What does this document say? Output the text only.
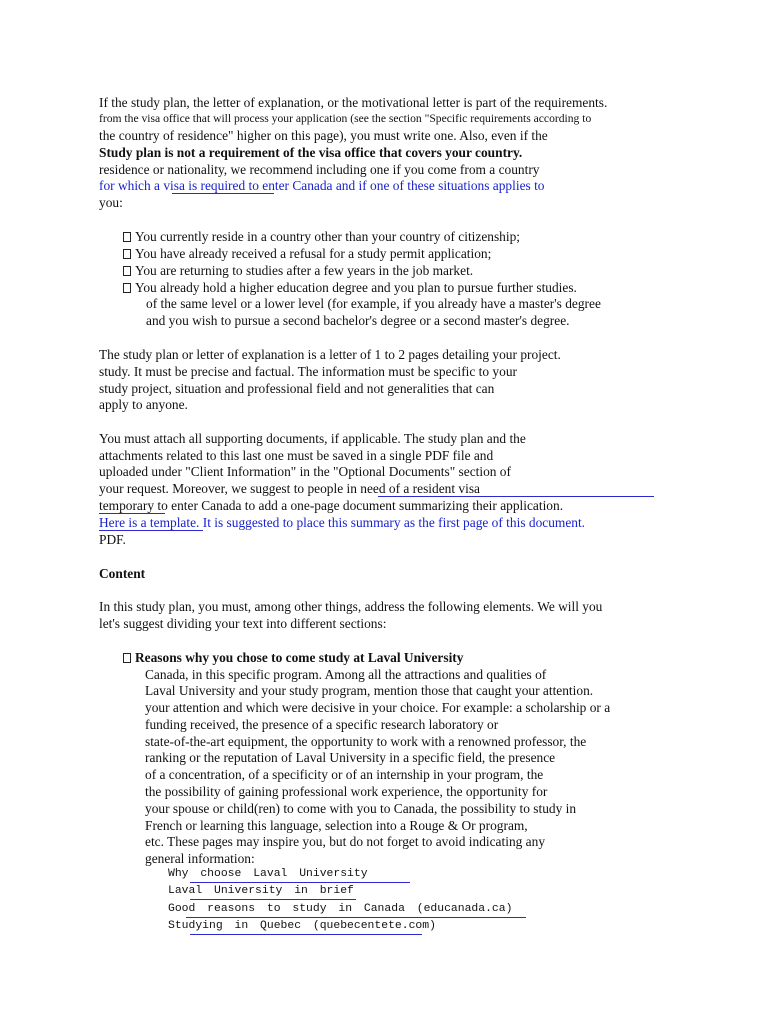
If the study plan, the letter of explanation, or the motivational letter is part of the requirements.
from the visa office that will process your application (see the section "Specific requirements according to
the country of residence" higher on this page), you must write one. Also, even if the
Study plan is not a requirement of the visa office that covers your country.
residence or nationality, we recommend including one if you come from a country
for which a visa is required to enter Canada and if one of these situations applies to
you:
You currently reside in a country other than your country of citizenship;
You have already received a refusal for a study permit application;
You are returning to studies after a few years in the job market.
You already hold a higher education degree and you plan to pursue further studies.
of the same level or a lower level (for example, if you already have a master's degree
and you wish to pursue a second bachelor's degree or a second master's degree.
The study plan or letter of explanation is a letter of 1 to 2 pages detailing your project.
study. It must be precise and factual. The information must be specific to your
study project, situation and professional field and not generalities that can
apply to anyone.
You must attach all supporting documents, if applicable. The study plan and the
attachments related to this last one must be saved in a single PDF file and
uploaded under "Client Information" in the "Optional Documents" section of
your request. Moreover, we suggest to people in need of a resident visa
temporary to enter Canada to add a one-page document summarizing their application.
Here is a template. It is suggested to place this summary as the first page of this document.
PDF.
Content
In this study plan, you must, among other things, address the following elements. We will you
let's suggest dividing your text into different sections:
Reasons why you chose to come study at Laval University
Canada, in this specific program. Among all the attractions and qualities of
Laval University and your study program, mention those that caught your attention.
your attention and which were decisive in your choice. For example: a scholarship or a
funding received, the presence of a specific research laboratory or
state-of-the-art equipment, the opportunity to work with a renowned professor, the
ranking or the reputation of Laval University in a specific field, the presence
of a concentration, of a specificity or of an internship in your program, the
the possibility of gaining professional work experience, the opportunity for
your spouse or child(ren) to come with you to Canada, the possibility to study in
French or learning this language, selection into a Rouge & Or program,
etc. These pages may inspire you, but do not forget to avoid indicating any
general information:
Why choose Laval University
Laval University in brief
Good reasons to study in Canada (educanada.ca)
Studying in Quebec (quebecentete.com)
